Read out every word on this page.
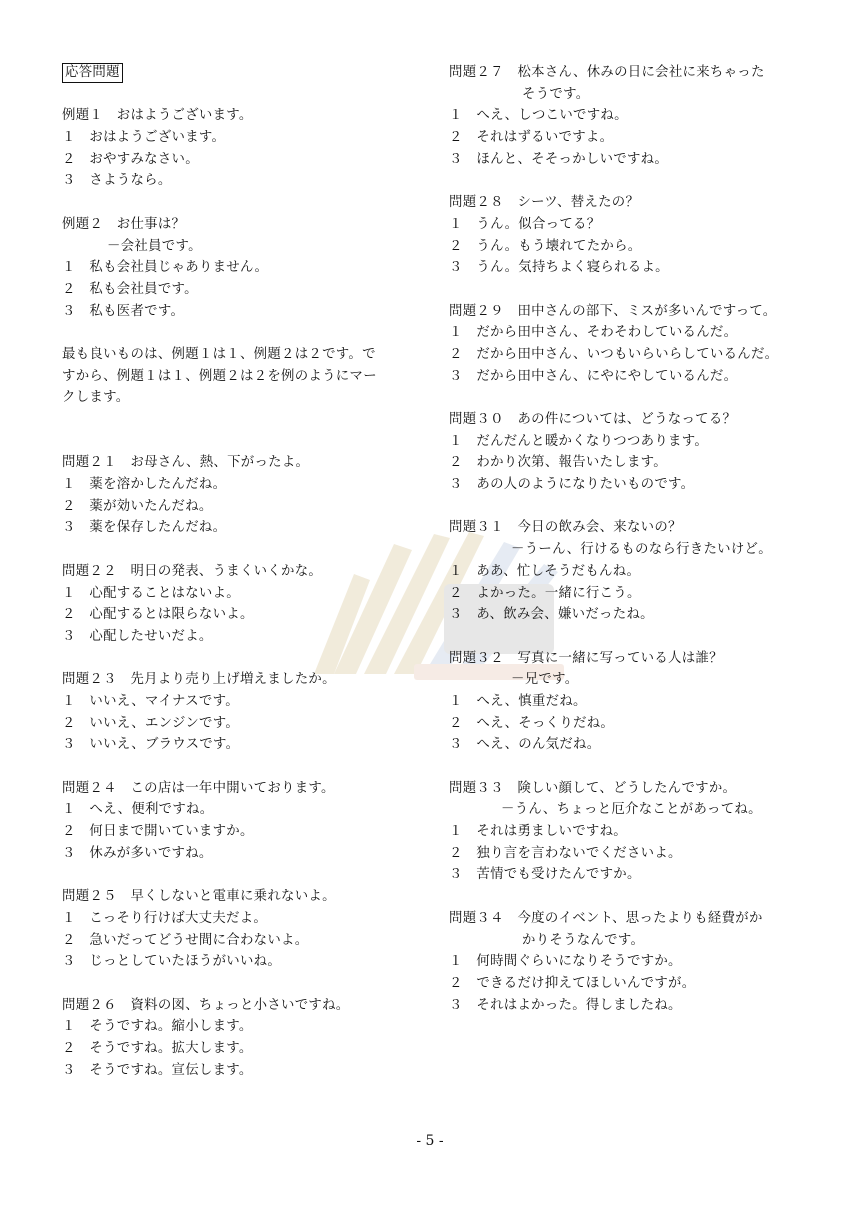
応答問題
例題１　おはようございます。
１　おはようございます。
２　おやすみなさい。
３　さようなら。
例題２　お仕事は？
－会社員です。
１　私も会社員じゃありません。
２　私も会社員です。
３　私も医者です。
最も良いものは、例題１は１、例題２は２です。で
すから、例題１は１、例題２は２を例のようにマー
クします。
問題２１　お母さん、熱、下がったよ。
１　薬を溶かしたんだね。
２　薬が効いたんだね。
３　薬を保存したんだね。
問題２２　明日の発表、うまくいくかな。
１　心配することはないよ。
２　心配するとは限らないよ。
３　心配したせいだよ。
問題２３　先月より売り上げ増えましたか。
１　いいえ、マイナスです。
２　いいえ、エンジンです。
３　いいえ、ブラウスです。
問題２４　この店は一年中開いております。
１　へえ、便利ですね。
２　何日まで開いていますか。
３　休みが多いですね。
問題２５　早くしないと電車に乗れないよ。
１　こっそり行けば大丈夫だよ。
２　急いだってどうせ間に合わないよ。
３　じっとしていたほうがいいね。
問題２６　資料の図、ちょっと小さいですね。
１　そうですね。縮小します。
２　そうですね。拡大します。
３　そうですね。宣伝します。
問題２７　松本さん、休みの日に会社に来ちゃった
そうです。
１　へえ、しつこいですね。
２　それはずるいですよ。
３　ほんと、そそっかしいですね。
問題２８　シーツ、替えたの？
１　うん。似合ってる？
２　うん。もう壊れてたから。
３　うん。気持ちよく寝られるよ。
問題２９　田中さんの部下、ミスが多いんですって。
１　だから田中さん、そわそわしているんだ。
２　だから田中さん、いつもいらいらしているんだ。
３　だから田中さん、にやにやしているんだ。
問題３０　あの件については、どうなってる？
１　だんだんと暖かくなりつつあります。
２　わかり次第、報告いたします。
３　あの人のようになりたいものです。
問題３１　今日の飲み会、来ないの？
－うーん、行けるものなら行きたいけど。
１　ああ、忙しそうだもんね。
２　よかった。一緒に行こう。
３　あ、飲み会、嫌いだったね。
問題３２　写真に一緒に写っている人は誰？
－兄です。
１　へえ、慎重だね。
２　へえ、そっくりだね。
３　へえ、のん気だね。
問題３３　険しい顔して、どうしたんですか。
－うん、ちょっと厄介なことがあってね。
１　それは勇ましいですね。
２　独り言を言わないでくださいよ。
３　苦情でも受けたんですか。
問題３４　今度のイベント、思ったよりも経費がか
かりそうなんです。
１　何時間ぐらいになりそうですか。
２　できるだけ抑えてほしいんですが。
３　それはよかった。得しましたね。
- 5 -
